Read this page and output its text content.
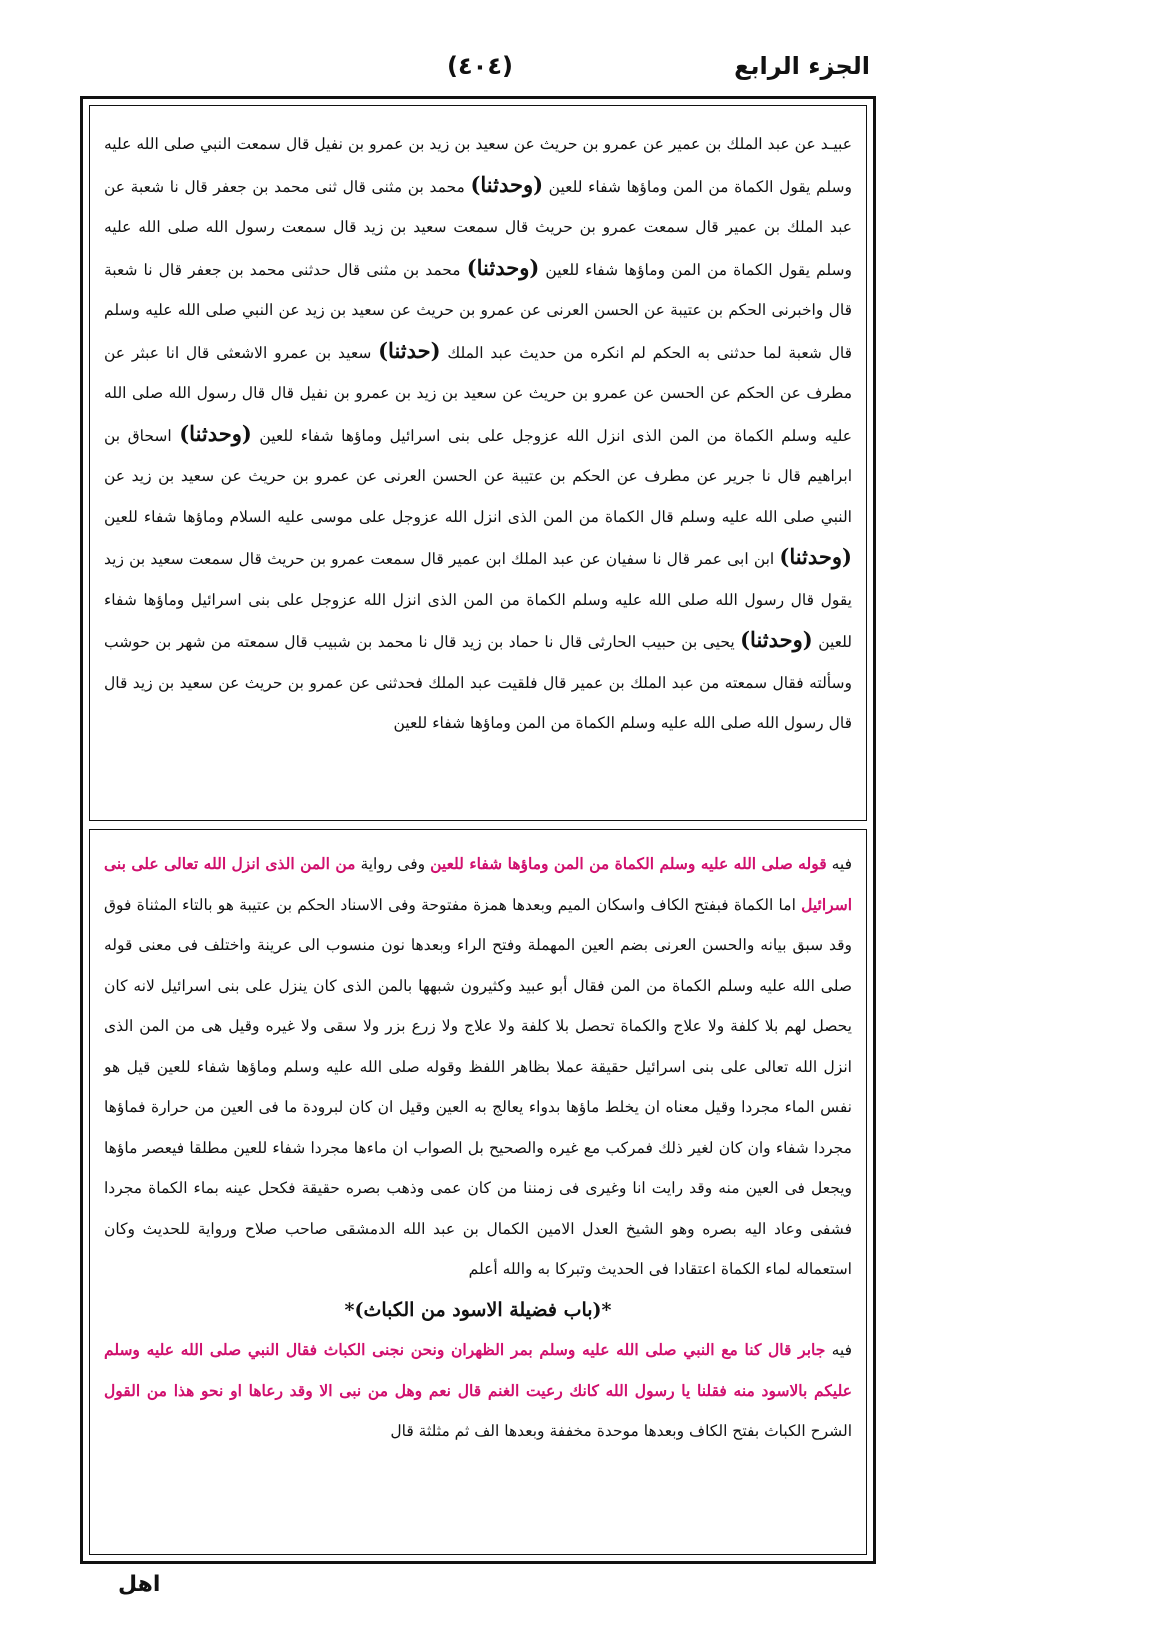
الجزء الرابع
(٤٠٤)
عبيـد عن عبد الملك بن عمير عن عمرو بن حريث عن سعيد بن زيد بن عمرو بن نفيل قال سمعت النبي صلى الله عليه وسلم يقول الكماة من المن وماؤها شفاء للعين (وحدثنا) محمد بن مثنى قال ثنى محمد بن جعفر قال نا شعبة عن عبد الملك بن عمير قال سمعت عمرو بن حريث قال سمعت سعيد بن زيد قال سمعت رسول الله صلى الله عليه وسلم يقول الكماة من المن وماؤها شفاء للعين (وحدثنا) محمد بن مثنى قال حدثنى محمد بن جعفر قال نا شعبة قال واخبرنى الحكم بن عتيبة عن الحسن العرنى عن عمرو بن حريث عن سعيد بن زيد عن النبي صلى الله عليه وسلم قال شعبة لما حدثنى به الحكم لم انكره من حديث عبد الملك (حدثنا) سعيد بن عمرو الاشعثى قال انا عبثر عن مطرف عن الحكم عن الحسن عن عمرو بن حريث عن سعيد بن زيد بن عمرو بن نفيل قال قال رسول الله صلى الله عليه وسلم الكماة من المن الذى انزل الله عزوجل على بنى اسرائيل وماؤها شفاء للعين (وحدثنا) اسحاق بن ابراهيم قال نا جرير عن مطرف عن الحكم بن عتيبة عن الحسن العرنى عن عمرو بن حريث عن سعيد بن زيد عن النبي صلى الله عليه وسلم قال الكماة من المن الذى انزل الله عزوجل على موسى عليه السلام وماؤها شفاء للعين (وحدثنا) ابن ابى عمر قال نا سفيان عن عبد الملك ابن عمير قال سمعت عمرو بن حريث قال سمعت سعيد بن زيد يقول قال رسول الله صلى الله عليه وسلم الكماة من المن الذى انزل الله عزوجل على بنى اسرائيل وماؤها شفاء للعين (وحدثنا) يحيى بن حبيب الحارثى قال نا حماد بن زيد قال نا محمد بن شبيب قال سمعته من شهر بن حوشب وسألته فقال سمعته من عبد الملك بن عمير قال فلقيت عبد الملك فحدثنى عن عمرو بن حريث عن سعيد بن زيد قال قال رسول الله صلى الله عليه وسلم الكماة من المن وماؤها شفاء للعين
فيه قوله صلى الله عليه وسلم الكماة من المن وماؤها شفاء للعين وفى رواية من المن الذى انزل الله تعالى على بنى اسرائيل اما الكماة فبفتح الكاف واسكان الميم وبعدها همزة مفتوحة وفى الاسناد الحكم بن عتيبة هو بالتاء المثناة فوق وقد سبق بيانه والحسن العرنى بضم العين المهملة وفتح الراء وبعدها نون منسوب الى عرينة واختلف فى معنى قوله صلى الله عليه وسلم الكماة من المن فقال أبو عبيد وكثيرون شبهها بالمن الذى كان ينزل على بنى اسرائيل لانه كان يحصل لهم بلا كلفة ولا علاج والكماة تحصل بلا كلفة ولا علاج ولا زرع بزر ولا سقى ولا غيره وقيل هى من المن الذى انزل الله تعالى على بنى اسرائيل حقيقة عملا بظاهر اللفظ وقوله صلى الله عليه وسلم وماؤها شفاء للعين قيل هو نفس الماء مجردا وقيل معناه ان يخلط ماؤها بدواء يعالج به العين وقيل ان كان لبرودة ما فى العين من حرارة فماؤها مجردا شفاء وان كان لغير ذلك فمركب مع غيره والصحيح بل الصواب ان ماءها مجردا شفاء للعين مطلقا فيعصر ماؤها ويجعل فى العين منه وقد رايت انا وغيرى فى زمننا من كان عمى وذهب بصره حقيقة فكحل عينه بماء الكماة مجردا فشفى وعاد اليه بصره وهو الشيخ العدل الامين الكمال بن عبد الله الدمشقى صاحب صلاح ورواية للحديث وكان استعماله لماء الكماة اعتقادا فى الحديث وتبركا به والله أعلم
*(باب فضيلة الاسود من الكباث)*
فيه جابر قال كنا مع النبي صلى الله عليه وسلم بمر الظهران ونحن نجنى الكباث فقال النبي صلى الله عليه وسلم عليكم بالاسود منه فقلنا يا رسول الله كانك رعيت الغنم قال نعم وهل من نبى الا وقد رعاها او نحو هذا من القول الشرح الكباث بفتح الكاف وبعدها موحدة مخففة وبعدها الف ثم مثلثة قال
اهل
